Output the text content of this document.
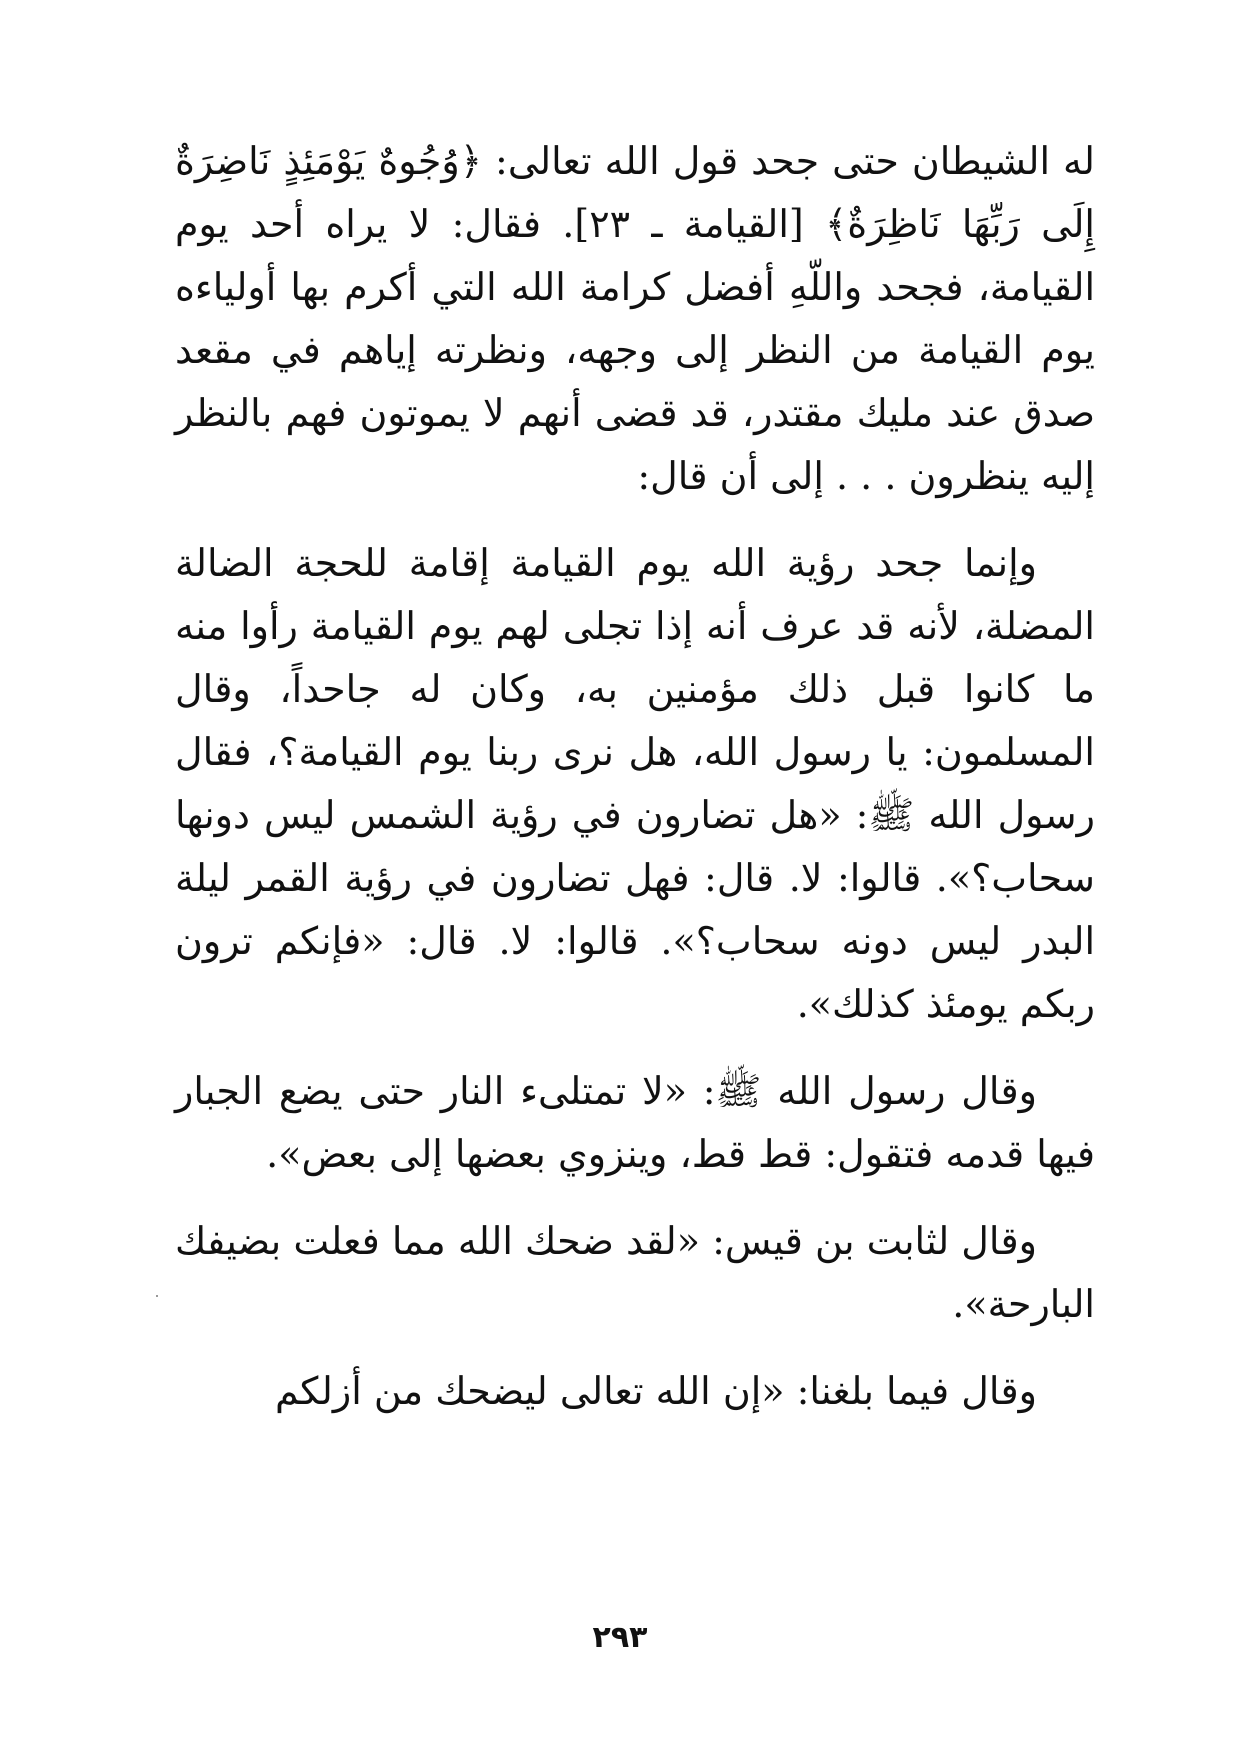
له الشيطان حتى جحد قول الله تعالى: ﴿وُجُوهٌ يَوْمَئِذٍ نَاضِرَةٌ إِلَى رَبِّهَا نَاظِرَةٌ﴾ [القيامة ـ ٢٣]. فقال: لا يراه أحد يوم القيامة، فجحد واللّهِ أفضل كرامة الله التي أكرم بها أولياءه يوم القيامة من النظر إلى وجهه، ونظرته إياهم في مقعد صدق عند مليك مقتدر، قد قضى أنهم لا يموتون فهم بالنظر إليه ينظرون . . . إلى أن قال:

وإنما جحد رؤية الله يوم القيامة إقامة للحجة الضالة المضلة، لأنه قد عرف أنه إذا تجلى لهم يوم القيامة رأوا منه ما كانوا قبل ذلك مؤمنين به، وكان له جاحداً، وقال المسلمون: يا رسول الله، هل نرى ربنا يوم القيامة؟، فقال رسول الله ﷺ: «هل تضارون في رؤية الشمس ليس دونها سحاب؟». قالوا: لا. قال: فهل تضارون في رؤية القمر ليلة البدر ليس دونه سحاب؟». قالوا: لا. قال: «فإنكم ترون ربكم يومئذ كذلك».

وقال رسول الله ﷺ: «لا تمتلىء النار حتى يضع الجبار فيها قدمه فتقول: قط قط، وينزوي بعضها إلى بعض».

وقال لثابت بن قيس: «لقد ضحك الله مما فعلت بضيفك البارحة».

وقال فيما بلغنا: «إن الله تعالى ليضحك من أزلكم

٢٩٣
